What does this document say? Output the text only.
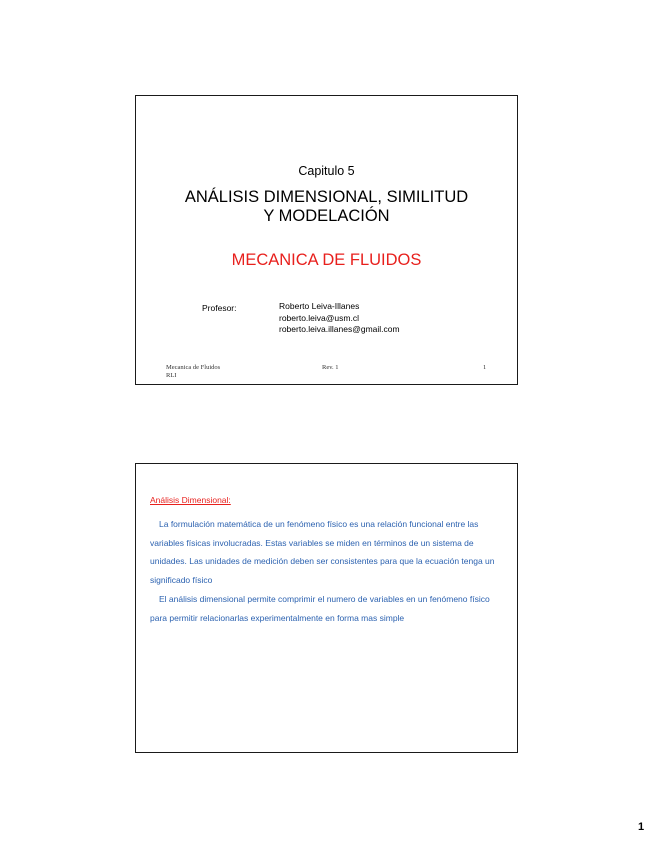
Capitulo 5
ANÁLISIS DIMENSIONAL, SIMILITUD
Y MODELACIÓN
MECANICA DE FLUIDOS
Profesor:	Roberto Leiva-Illanes
roberto.leiva@usm.cl
roberto.leiva.illanes@gmail.com
Mecanica de Fluidos
RLI
Rev. 1	1
Análisis Dimensional:
La formulación matemática de un fenómeno físico es una relación funcional entre las variables físicas involucradas. Estas variables se miden en términos de un sistema de unidades. Las unidades de medición deben ser consistentes para que la ecuación tenga un significado físico
El análisis dimensional permite comprimir el numero de variables en un fenómeno físico para permitir relacionarlas experimentalmente en forma mas simple
1
